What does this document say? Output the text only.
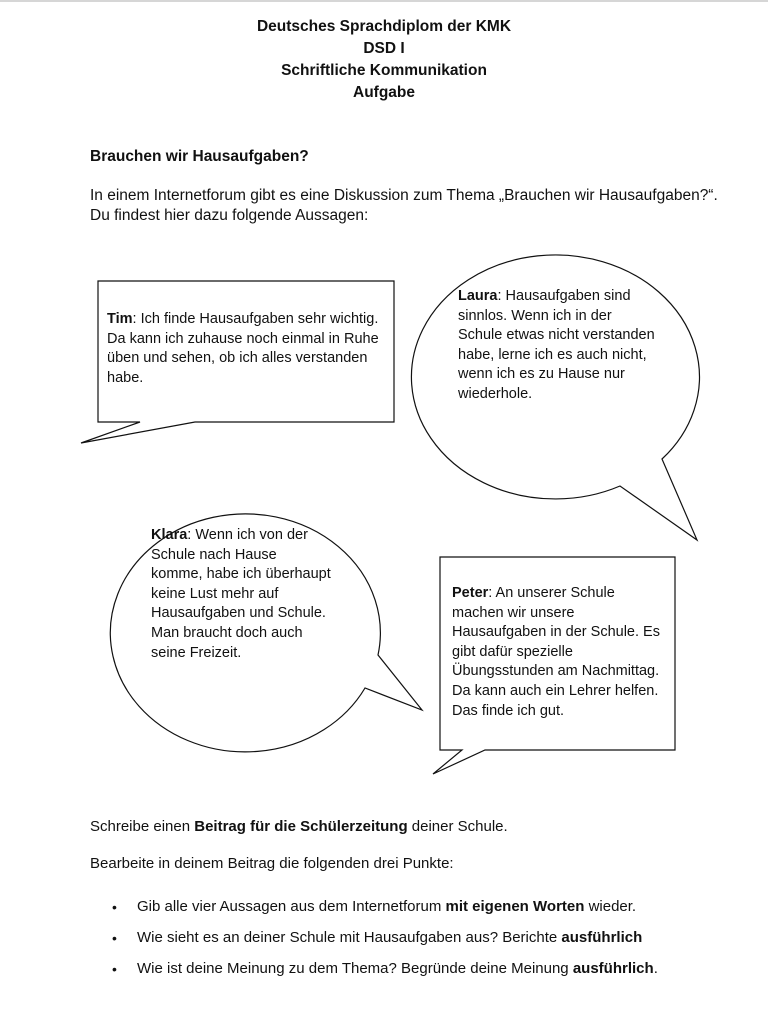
Deutsches Sprachdiplom der KMK
DSD I
Schriftliche Kommunikation
Aufgabe
Brauchen wir Hausaufgaben?
In einem Internetforum gibt es eine Diskussion zum Thema „Brauchen wir Hausaufgaben?“. Du findest hier dazu folgende Aussagen:
Tim: Ich finde Hausaufgaben sehr wichtig. Da kann ich zuhause noch einmal in Ruhe üben und sehen, ob ich alles verstanden habe.
Laura: Hausaufgaben sind sinnlos. Wenn ich in der Schule etwas nicht verstanden habe, lerne ich es auch nicht, wenn ich es zu Hause nur wiederhole.
Klara: Wenn ich von der Schule nach Hause komme, habe ich überhaupt keine Lust mehr auf Hausaufgaben und Schule. Man braucht doch auch seine Freizeit.
Peter: An unserer Schule machen wir unsere Hausaufgaben in der Schule. Es gibt dafür spezielle Übungsstunden am Nachmittag. Da kann auch ein Lehrer helfen. Das finde ich gut.
Schreibe einen Beitrag für die Schülerzeitung deiner Schule.
Bearbeite in deinem Beitrag die folgenden drei Punkte:
• Gib alle vier Aussagen aus dem Internetforum mit eigenen Worten wieder.
• Wie sieht es an deiner Schule mit Hausaufgaben aus? Berichte ausführlich
• Wie ist deine Meinung zu dem Thema? Begründe deine Meinung ausführlich.
